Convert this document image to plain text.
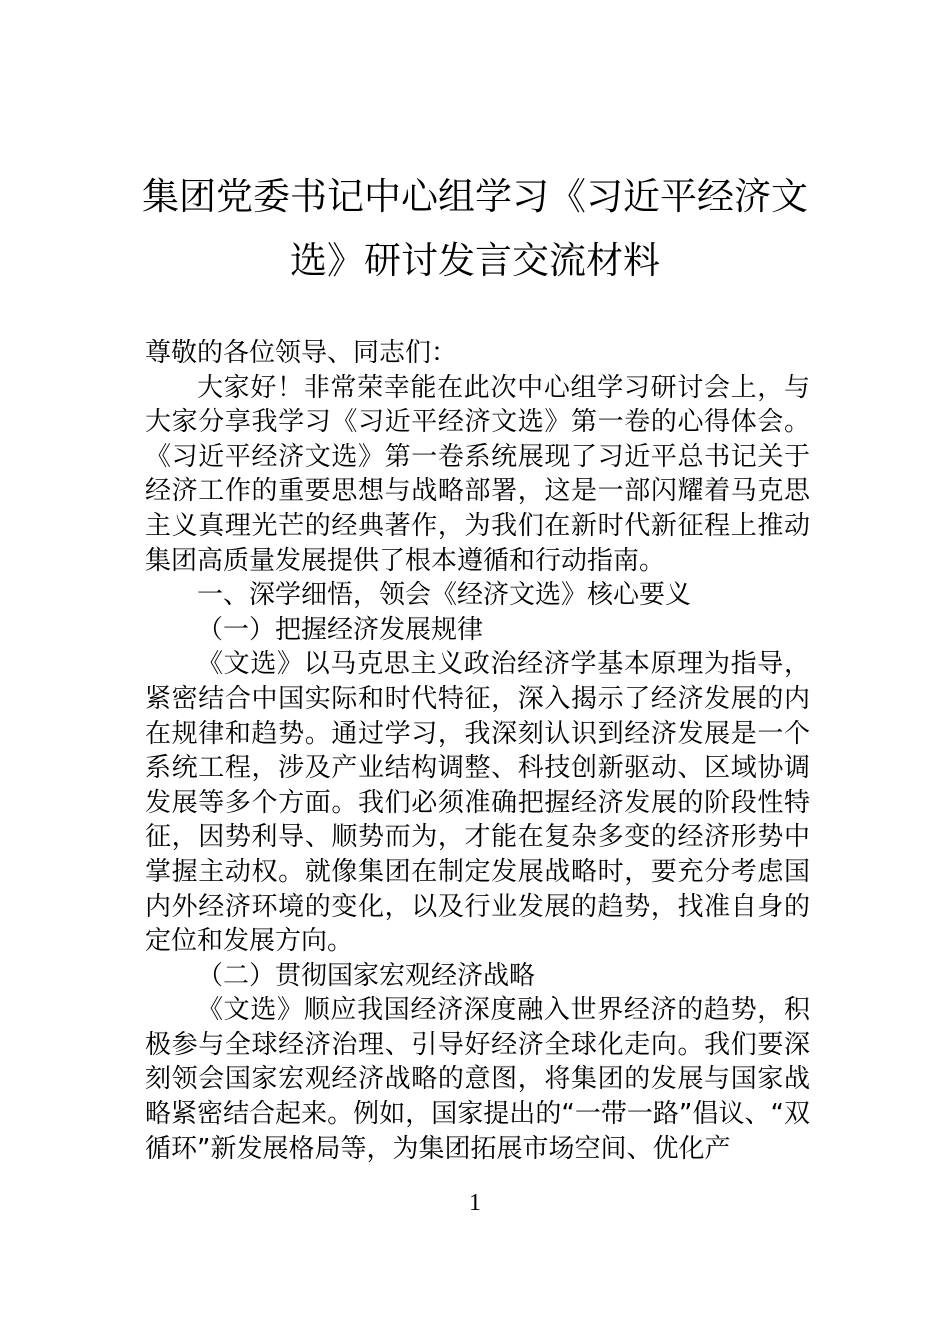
集团党委书记中心组学习《习近平经济文
选》研讨发言交流材料

尊敬的各位领导、同志们：

大家好！非常荣幸能在此次中心组学习研讨会上，与大家分享我学习《习近平经济文选》第一卷的心得体会。《习近平经济文选》第一卷系统展现了习近平总书记关于经济工作的重要思想与战略部署，这是一部闪耀着马克思主义真理光芒的经典著作，为我们在新时代新征程上推动集团高质量发展提供了根本遵循和行动指南。

一、深学细悟，领会《经济文选》核心要义

（一）把握经济发展规律

《文选》以马克思主义政治经济学基本原理为指导，紧密结合中国实际和时代特征，深入揭示了经济发展的内在规律和趋势。通过学习，我深刻认识到经济发展是一个系统工程，涉及产业结构调整、科技创新驱动、区域协调发展等多个方面。我们必须准确把握经济发展的阶段性特征，因势利导、顺势而为，才能在复杂多变的经济形势中掌握主动权。就像集团在制定发展战略时，要充分考虑国内外经济环境的变化，以及行业发展的趋势，找准自身的定位和发展方向。

（二）贯彻国家宏观经济战略

《文选》顺应我国经济深度融入世界经济的趋势，积极参与全球经济治理、引导好经济全球化走向。我们要深刻领会国家宏观经济战略的意图，将集团的发展与国家战略紧密结合起来。例如，国家提出的“一带一路”倡议、“双循环”新发展格局等，为集团拓展市场空间、优化产

1
